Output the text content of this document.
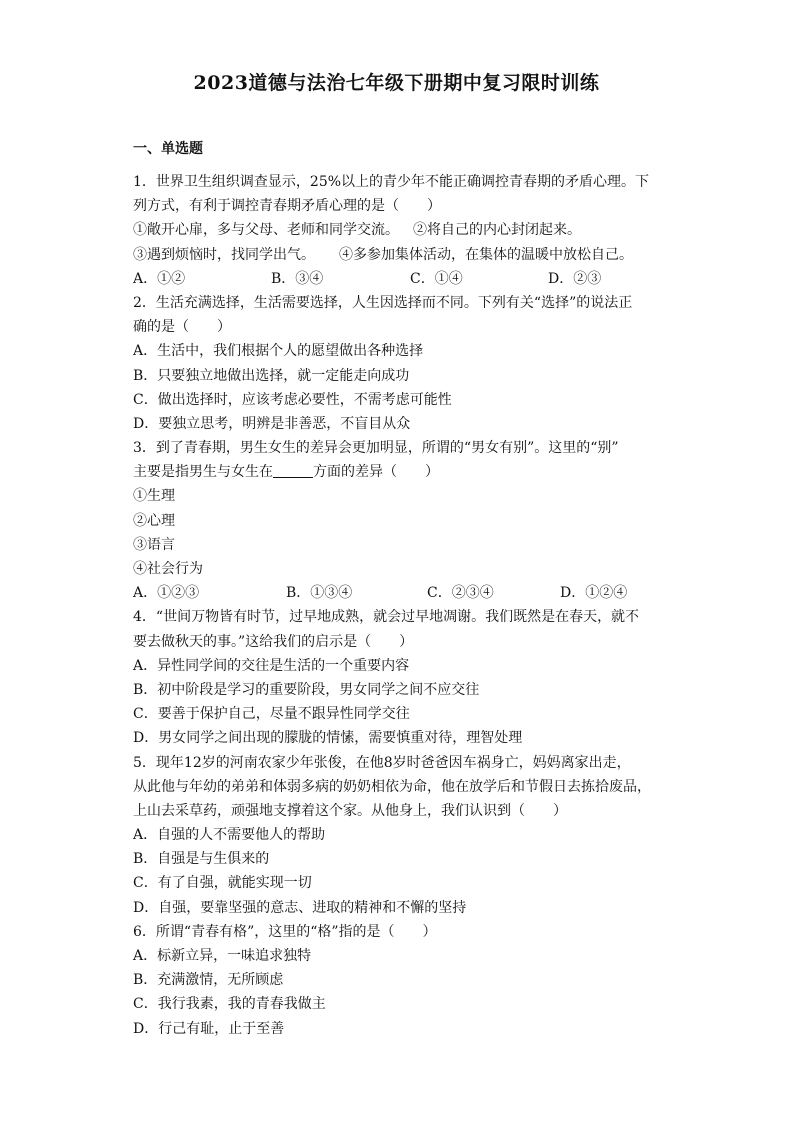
2023道德与法治七年级下册期中复习限时训练
一、单选题
1．世界卫生组织调查显示，25%以上的青少年不能正确调控青春期的矛盾心理。下
列方式，有利于调控青春期矛盾心理的是（　　）
①敞开心扉，多与父母、老师和同学交流。 ②将自己的内心封闭起来。
③遇到烦恼时，找同学出气。 ④多参加集体活动，在集体的温暖中放松自己。
A．①②	B．③④	C．①④	D．②③
2．生活充满选择，生活需要选择，人生因选择而不同。下列有关“选择”的说法正
确的是（　　）
A．生活中，我们根据个人的愿望做出各种选择
B．只要独立地做出选择，就一定能走向成功
C．做出选择时，应该考虑必要性，不需考虑可能性
D．要独立思考，明辨是非善恶，不盲目从众
3．到了青春期，男生女生的差异会更加明显，所谓的“男女有别”。这里的“别”
主要是指男生与女生在	方面的差异（　　）
①生理
②心理
③语言
④社会行为
A．①②③	B．①③④	C．②③④	D．①②④
4．“世间万物皆有时节，过早地成熟，就会过早地凋谢。我们既然是在春天，就不
要去做秋天的事。”这给我们的启示是（　　）
A．异性同学间的交往是生活的一个重要内容
B．初中阶段是学习的重要阶段，男女同学之间不应交往
C．要善于保护自己，尽量不跟异性同学交往
D．男女同学之间出现的朦胧的情愫，需要慎重对待，理智处理
5．现年12岁的河南农家少年张俊，在他8岁时爸爸因车祸身亡，妈妈离家出走，
从此他与年幼的弟弟和体弱多病的奶奶相依为命，他在放学后和节假日去拣拾废品，
上山去采草药，顽强地支撑着这个家。从他身上，我们认识到（　　）
A．自强的人不需要他人的帮助
B．自强是与生俱来的
C．有了自强，就能实现一切
D．自强，要靠坚强的意志、进取的精神和不懈的坚持
6．所谓“青春有格”，这里的“格”指的是（　　）
A．标新立异，一味追求独特
B．充满激情，无所顾虑
C．我行我素，我的青春我做主
D．行己有耻，止于至善
